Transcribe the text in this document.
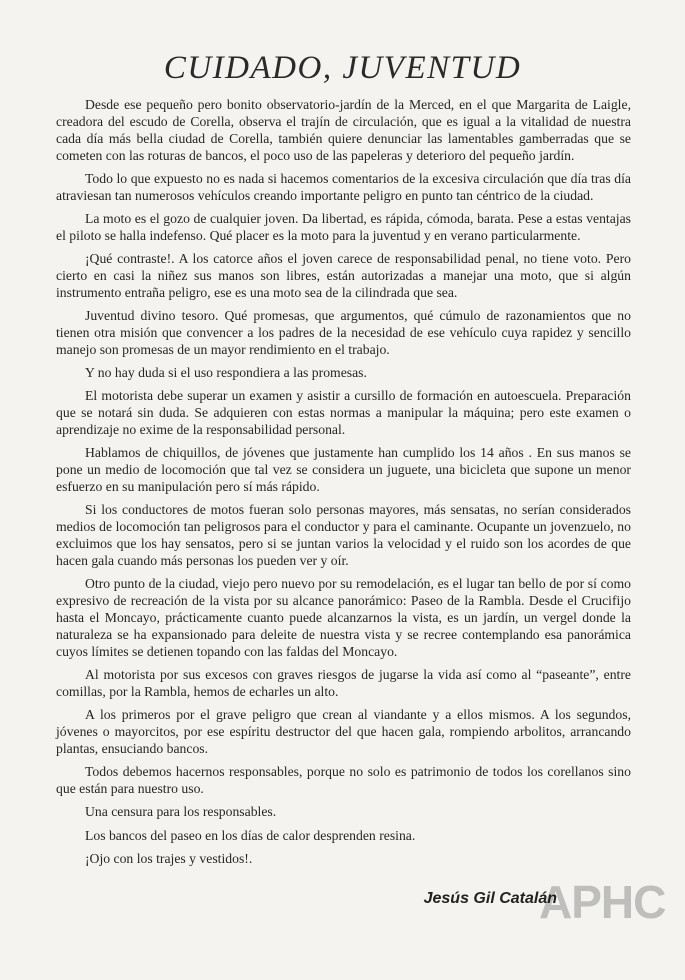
CUIDADO, JUVENTUD

Desde ese pequeño pero bonito observatorio-jardín de la Merced, en el que Margarita de Laigle, creadora del escudo de Corella, observa el trajín de circulación, que es igual a la vitalidad de nuestra cada día más bella ciudad de Corella, también quiere denunciar las lamentables gamberradas que se cometen con las roturas de bancos, el poco uso de las papeleras y deterioro del pequeño jardín.

Todo lo que expuesto no es nada si hacemos comentarios de la excesiva circulación que día tras día atraviesan tan numerosos vehículos creando importante peligro en punto tan céntrico de la ciudad.

La moto es el gozo de cualquier joven. Da libertad, es rápida, cómoda, barata. Pese a estas ventajas el piloto se halla indefenso. Qué placer es la moto para la juventud y en verano particularmente.

¡Qué contraste!. A los catorce años el joven carece de responsabilidad penal, no tiene voto. Pero cierto en casi la niñez sus manos son libres, están autorizadas a manejar una moto, que si algún instrumento entraña peligro, ese es una moto sea de la cilindrada que sea.

Juventud divino tesoro. Qué promesas, que argumentos, qué cúmulo de razonamientos que no tienen otra misión que convencer a los padres de la necesidad de ese vehículo cuya rapidez y sencillo manejo son promesas de un mayor rendimiento en el trabajo.

Y no hay duda si el uso respondiera a las promesas.

El motorista debe superar un examen y asistir a cursillo de formación en autoescuela. Preparación que se notará sin duda. Se adquieren con estas normas a manipular la máquina; pero este examen o aprendizaje no exime de la responsabilidad personal.

Hablamos de chiquillos, de jóvenes que justamente han cumplido los 14 años . En sus manos se pone un medio de locomoción que tal vez se considera un juguete, una bicicleta que supone un menor esfuerzo en su manipulación pero sí más rápido.

Si los conductores de motos fueran solo personas mayores, más sensatas, no serían considerados medios de locomoción tan peligrosos para el conductor y para el caminante. Ocupante un jovenzuelo, no excluimos que los hay sensatos, pero si se juntan varios la velocidad y el ruido son los acordes de que hacen gala cuando más personas los pueden ver y oír.

Otro punto de la ciudad, viejo pero nuevo por su remodelación, es el lugar tan bello de por sí como expresivo de recreación de la vista por su alcance panorámico: Paseo de la Rambla. Desde el Crucifijo hasta el Moncayo, prácticamente cuanto puede alcanzarnos la vista, es un jardín, un vergel donde la naturaleza se ha expansionado para deleite de nuestra vista y se recree contemplando esa panorámica cuyos límites se detienen topando con las faldas del Moncayo.

Al motorista por sus excesos con graves riesgos de jugarse la vida así como al “paseante”, entre comillas, por la Rambla, hemos de echarles un alto.

A los primeros por el grave peligro que crean al viandante y a ellos mismos. A los segundos, jóvenes o mayorcitos, por ese espíritu destructor del que hacen gala, rompiendo arbolitos, arrancando plantas, ensuciando bancos.

Todos debemos hacernos responsables, porque no solo es patrimonio de todos los corellanos sino que están para nuestro uso.

Una censura para los responsables.

Los bancos del paseo en los días de calor desprenden resina.

¡Ojo con los trajes y vestidos!.

APHC
Jesús Gil Catalán
